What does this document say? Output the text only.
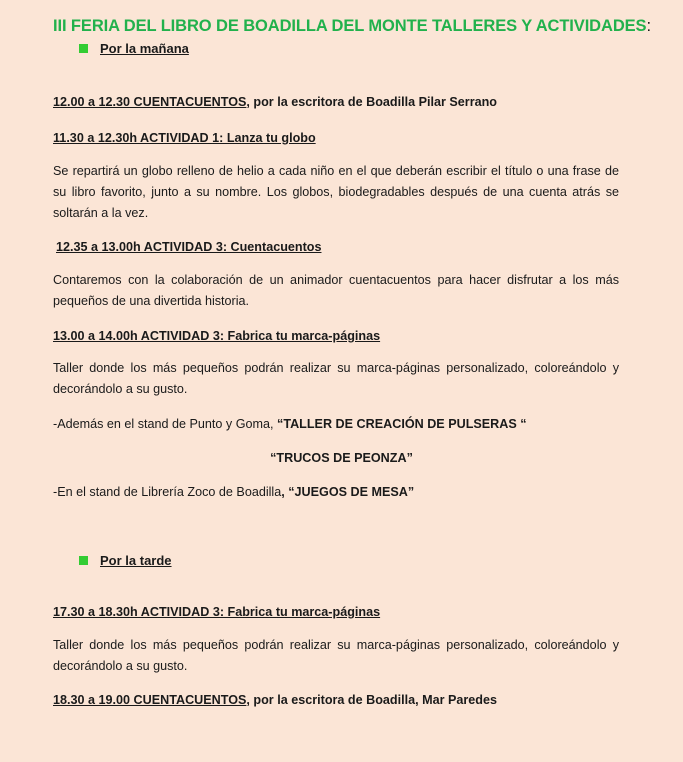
III FERIA DEL LIBRO DE BOADILLA DEL MONTE TALLERES Y ACTIVIDADES:
Por la mañana
12.00 a 12.30 CUENTACUENTOS, por la escritora de Boadilla Pilar Serrano
11.30 a 12.30h ACTIVIDAD 1: Lanza tu globo
Se repartirá un globo relleno de helio a cada niño en el que deberán escribir el título o una frase de su libro favorito, junto a su nombre. Los globos, biodegradables después de una cuenta atrás se soltarán a la vez.
12.35 a 13.00h ACTIVIDAD 3: Cuentacuentos
Contaremos con la colaboración de un animador cuentacuentos para hacer disfrutar a los más pequeños de una divertida historia.
13.00 a 14.00h ACTIVIDAD 3: Fabrica tu marca-páginas
Taller donde los más pequeños podrán realizar su marca-páginas personalizado, coloreándolo y decorándolo a su gusto.
-Además en el stand de Punto y Goma, “TALLER DE CREACIÓN DE PULSERAS “
“TRUCOS DE PEONZA”
-En el stand de Librería Zoco de Boadilla, “JUEGOS DE MESA”
Por la tarde
17.30 a 18.30h ACTIVIDAD 3: Fabrica tu marca-páginas
Taller donde los más pequeños podrán realizar su marca-páginas personalizado, coloreándolo y decorándolo a su gusto.
18.30 a 19.00 CUENTACUENTOS, por la escritora de Boadilla, Mar Paredes
